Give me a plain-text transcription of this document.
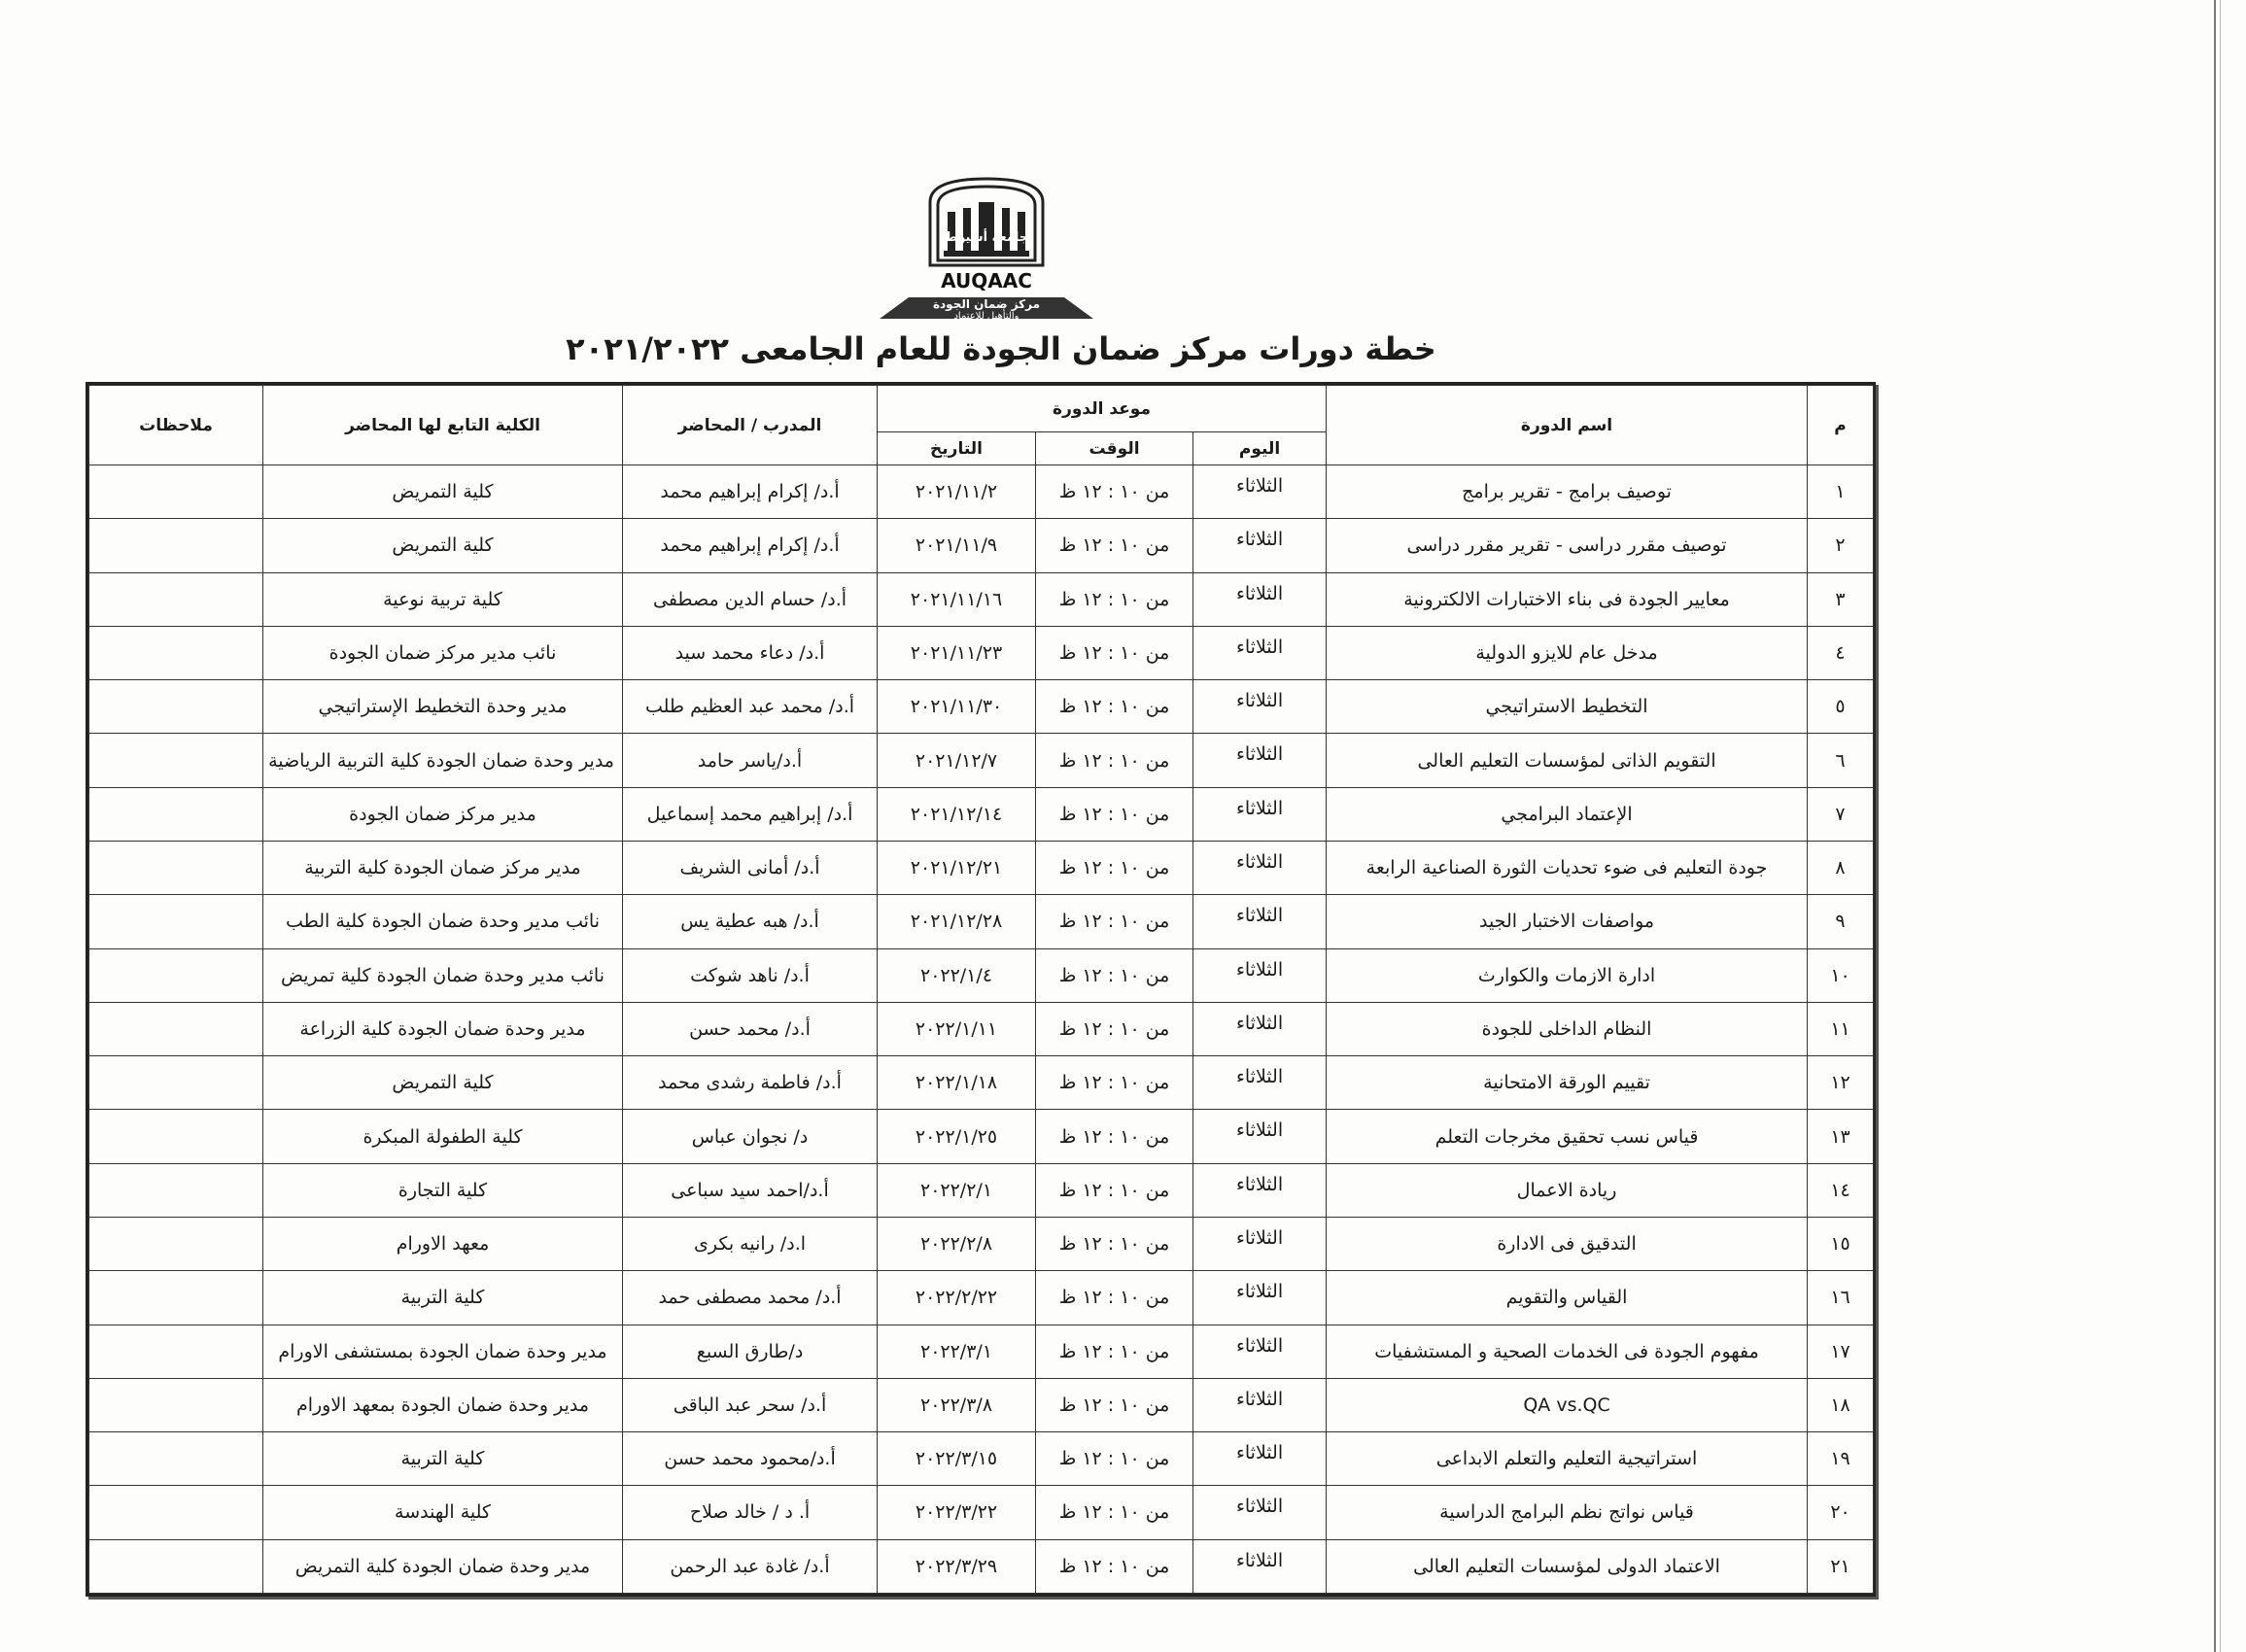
جامعة أسيوط
AUQAAC
مركز ضمان الجودة
والتأهيل للاعتماد
خطة دورات مركز ضمان الجودة للعام الجامعى ٢٠٢١/٢٠٢٢
م	اسم الدورة	موعد الدورة			المدرب / المحاضر	الكلية التابع لها المحاضر	ملاحظات
		اليوم	الوقت	التاريخ			
١	توصيف برامج - تقرير برامج	الثلاثاء	من ١٠ : ١٢ ظ	٢٠٢١/١١/٢	أ.د/ إكرام إبراهيم محمد	كلية التمريض	
٢	توصيف مقرر دراسى - تقرير مقرر دراسى	الثلاثاء	من ١٠ : ١٢ ظ	٢٠٢١/١١/٩	أ.د/ إكرام إبراهيم محمد	كلية التمريض	
٣	معايير الجودة فى بناء الاختبارات الالكترونية	الثلاثاء	من ١٠ : ١٢ ظ	٢٠٢١/١١/١٦	أ.د/ حسام الدين مصطفى	كلية تربية نوعية	
٤	مدخل عام للايزو الدولية	الثلاثاء	من ١٠ : ١٢ ظ	٢٠٢١/١١/٢٣	أ.د/ دعاء محمد سيد	نائب مدير مركز ضمان الجودة	
٥	التخطيط الاستراتيجي	الثلاثاء	من ١٠ : ١٢ ظ	٢٠٢١/١١/٣٠	أ.د/ محمد عبد العظيم طلب	مدير وحدة التخطيط الإستراتيجي	
٦	التقويم الذاتى لمؤسسات التعليم العالى	الثلاثاء	من ١٠ : ١٢ ظ	٢٠٢١/١٢/٧	أ.د/ياسر حامد	مدير وحدة ضمان الجودة كلية التربية الرياضية	
٧	الإعتماد البرامجي	الثلاثاء	من ١٠ : ١٢ ظ	٢٠٢١/١٢/١٤	أ.د/ إبراهيم محمد إسماعيل	مدير مركز ضمان الجودة	
٨	جودة التعليم فى ضوء تحديات الثورة الصناعية الرابعة	الثلاثاء	من ١٠ : ١٢ ظ	٢٠٢١/١٢/٢١	أ.د/ أمانى الشريف	مدير مركز ضمان الجودة كلية التربية	
٩	مواصفات الاختبار الجيد	الثلاثاء	من ١٠ : ١٢ ظ	٢٠٢١/١٢/٢٨	أ.د/ هبه عطية يس	نائب مدير وحدة ضمان الجودة كلية الطب	
١٠	ادارة الازمات والكوارث	الثلاثاء	من ١٠ : ١٢ ظ	٢٠٢٢/١/٤	أ.د/ ناهد شوكت	نائب مدير وحدة ضمان الجودة كلية تمريض	
١١	النظام الداخلى للجودة	الثلاثاء	من ١٠ : ١٢ ظ	٢٠٢٢/١/١١	أ.د/ محمد حسن	مدير وحدة ضمان الجودة كلية الزراعة	
١٢	تقييم الورقة الامتحانية	الثلاثاء	من ١٠ : ١٢ ظ	٢٠٢٢/١/١٨	أ.د/ فاطمة رشدى محمد	كلية التمريض	
١٣	قياس نسب تحقيق مخرجات التعلم	الثلاثاء	من ١٠ : ١٢ ظ	٢٠٢٢/١/٢٥	د/ نجوان عباس	كلية الطفولة المبكرة	
١٤	ريادة الاعمال	الثلاثاء	من ١٠ : ١٢ ظ	٢٠٢٢/٢/١	أ.د/احمد سيد سباعى	كلية التجارة	
١٥	التدقيق فى الادارة	الثلاثاء	من ١٠ : ١٢ ظ	٢٠٢٢/٢/٨	ا.د/ رانيه بكرى	معهد الاورام	
١٦	القياس والتقويم	الثلاثاء	من ١٠ : ١٢ ظ	٢٠٢٢/٢/٢٢	أ.د/ محمد مصطفى حمد	كلية التربية	
١٧	مفهوم الجودة فى الخدمات الصحية و المستشفيات	الثلاثاء	من ١٠ : ١٢ ظ	٢٠٢٢/٣/١	د/طارق السبع	مدير وحدة ضمان الجودة بمستشفى الاورام	
١٨	QA vs.QC	الثلاثاء	من ١٠ : ١٢ ظ	٢٠٢٢/٣/٨	أ.د/ سحر عبد الباقى	مدير وحدة ضمان الجودة بمعهد الاورام	
١٩	استراتيجية التعليم والتعلم الابداعى	الثلاثاء	من ١٠ : ١٢ ظ	٢٠٢٢/٣/١٥	أ.د/محمود محمد حسن	كلية التربية	
٢٠	قياس نواتج نظم البرامج الدراسية	الثلاثاء	من ١٠ : ١٢ ظ	٢٠٢٢/٣/٢٢	أ. د / خالد صلاح	كلية الهندسة	
٢١	الاعتماد الدولى لمؤسسات التعليم العالى	الثلاثاء	من ١٠ : ١٢ ظ	٢٠٢٢/٣/٢٩	أ.د/ غادة عبد الرحمن	مدير وحدة ضمان الجودة كلية التمريض	
